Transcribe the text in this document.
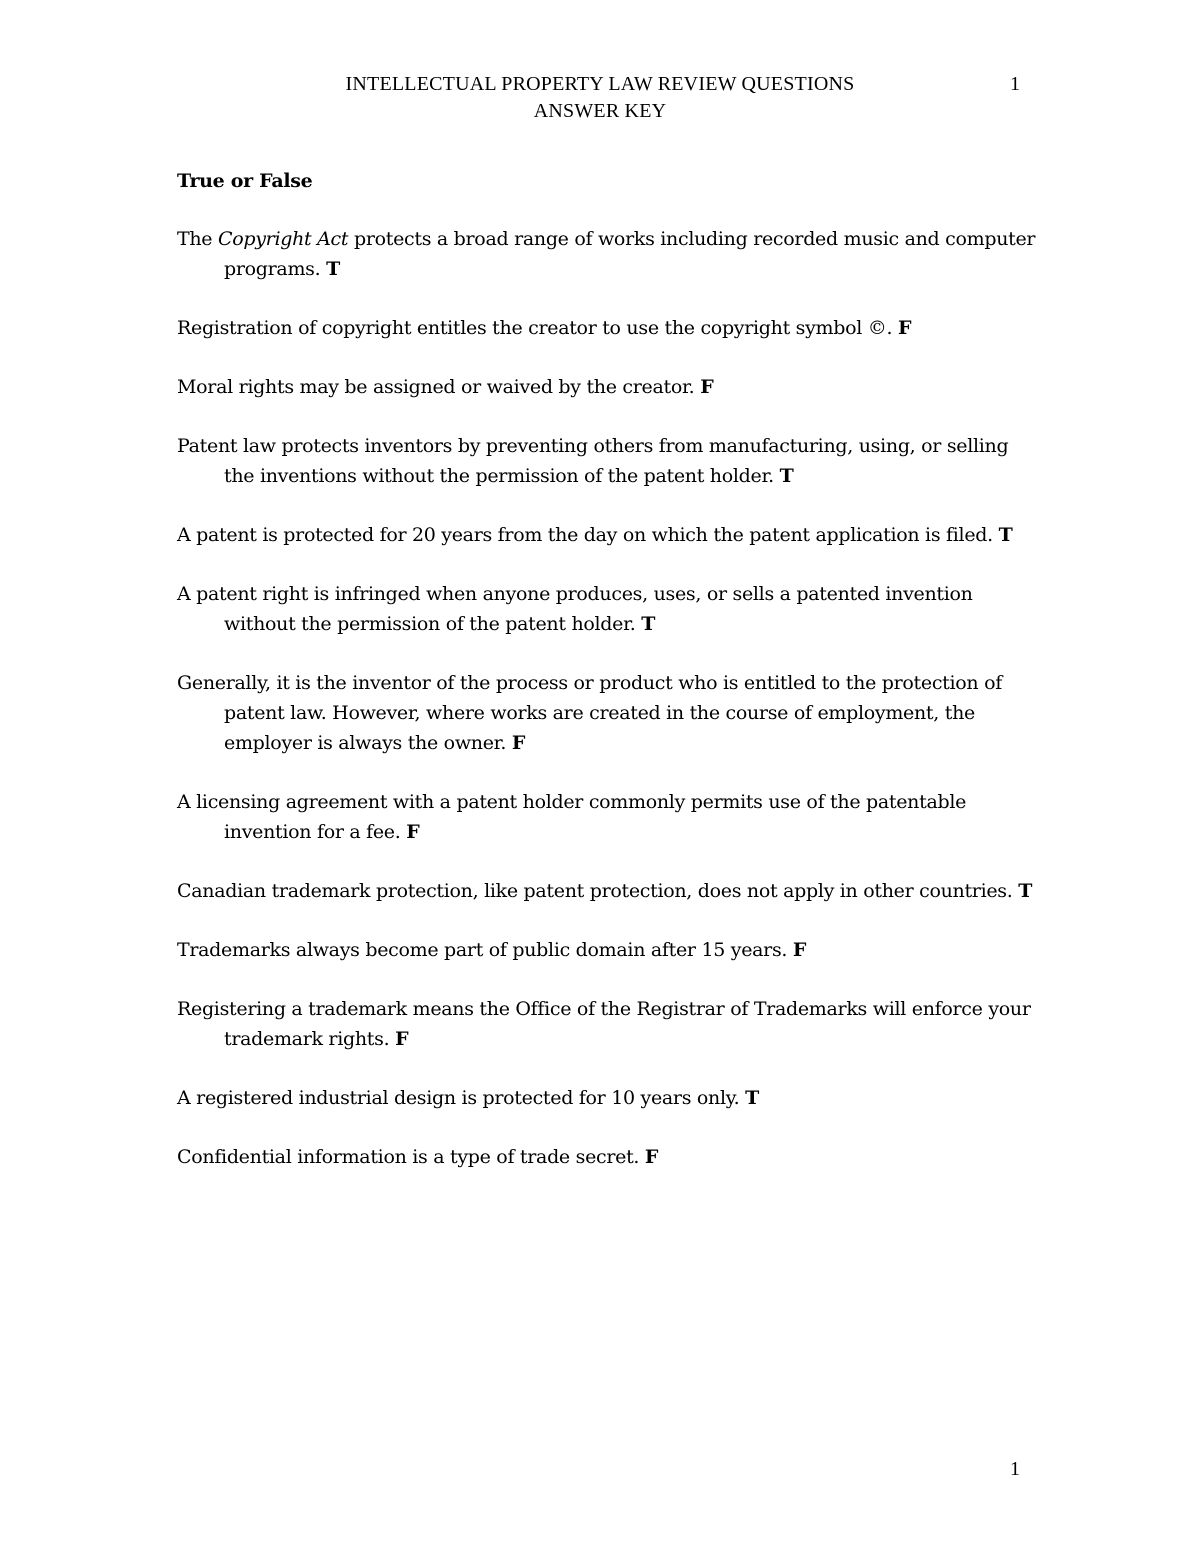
INTELLECTUAL PROPERTY LAW REVIEW QUESTIONS
ANSWER KEY
1
True or False
The Copyright Act protects a broad range of works including recorded music and computer programs. T
Registration of copyright entitles the creator to use the copyright symbol ©. F
Moral rights may be assigned or waived by the creator. F
Patent law protects inventors by preventing others from manufacturing, using, or selling the inventions without the permission of the patent holder. T
A patent is protected for 20 years from the day on which the patent application is filed. T
A patent right is infringed when anyone produces, uses, or sells a patented invention without the permission of the patent holder. T
Generally, it is the inventor of the process or product who is entitled to the protection of patent law. However, where works are created in the course of employment, the employer is always the owner. F
A licensing agreement with a patent holder commonly permits use of the patentable invention for a fee. F
Canadian trademark protection, like patent protection, does not apply in other countries. T
Trademarks always become part of public domain after 15 years. F
Registering a trademark means the Office of the Registrar of Trademarks will enforce your trademark rights. F
A registered industrial design is protected for 10 years only. T
Confidential information is a type of trade secret. F
1
